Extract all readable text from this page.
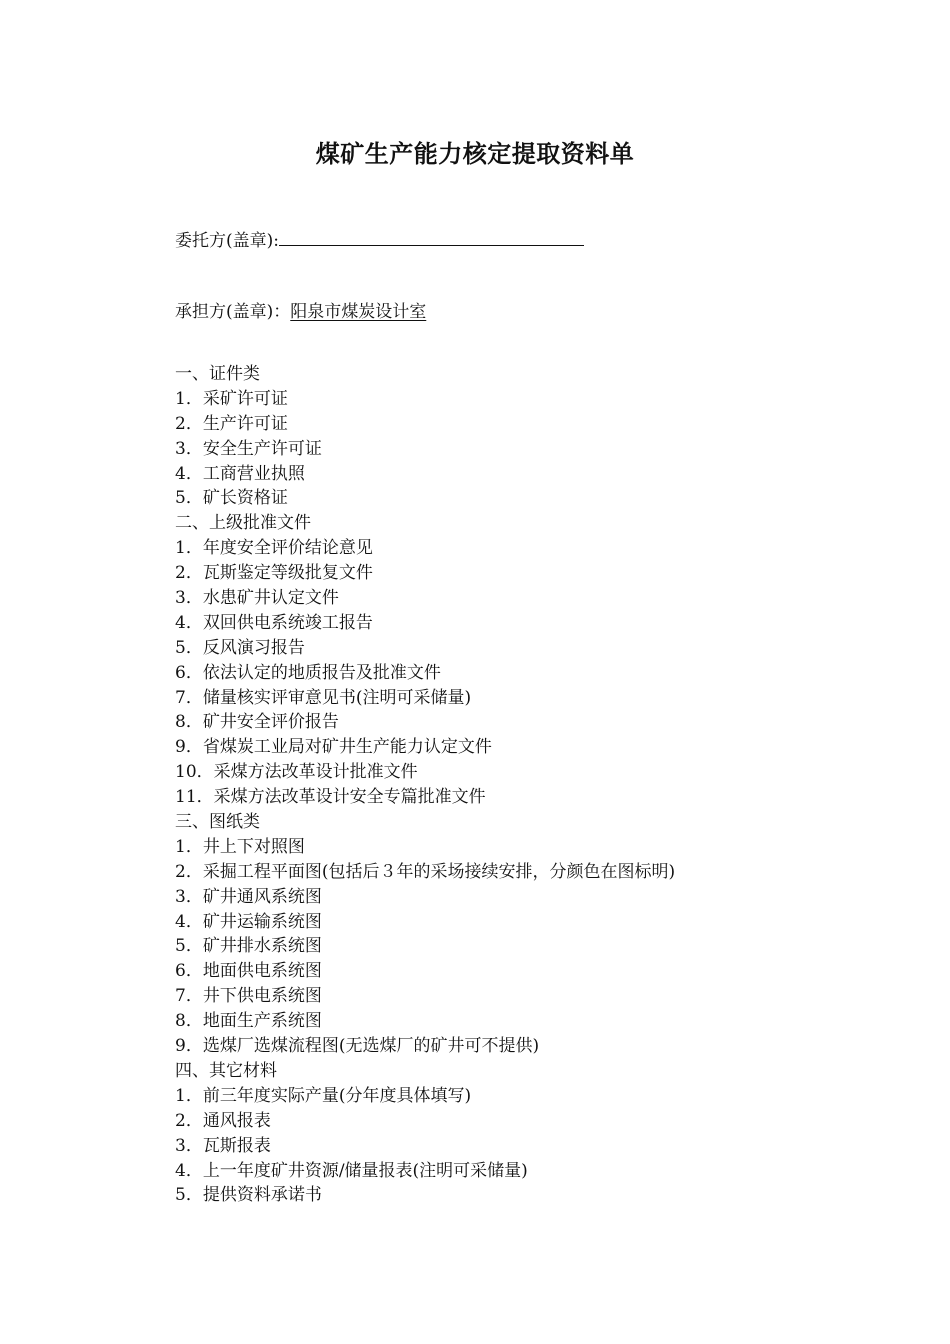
煤矿生产能力核定提取资料单
委托方(盖章):
承担方(盖章)：阳泉市煤炭设计室
一、证件类
1．采矿许可证
2．生产许可证
3．安全生产许可证
4．工商营业执照
5．矿长资格证
二、上级批准文件
1．年度安全评价结论意见
2．瓦斯鉴定等级批复文件
3．水患矿井认定文件
4．双回供电系统竣工报告
5．反风演习报告
6．依法认定的地质报告及批准文件
7．储量核实评审意见书(注明可采储量)
8．矿井安全评价报告
9．省煤炭工业局对矿井生产能力认定文件
10．采煤方法改革设计批准文件
11．采煤方法改革设计安全专篇批准文件
三、图纸类
1．井上下对照图
2．采掘工程平面图(包括后３年的采场接续安排，分颜色在图标明)
3．矿井通风系统图
4．矿井运输系统图
5．矿井排水系统图
6．地面供电系统图
7．井下供电系统图
8．地面生产系统图
9．选煤厂选煤流程图(无选煤厂的矿井可不提供)
四、其它材料
1．前三年度实际产量(分年度具体填写)
2．通风报表
3．瓦斯报表
4．上一年度矿井资源/储量报表(注明可采储量)
5．提供资料承诺书
